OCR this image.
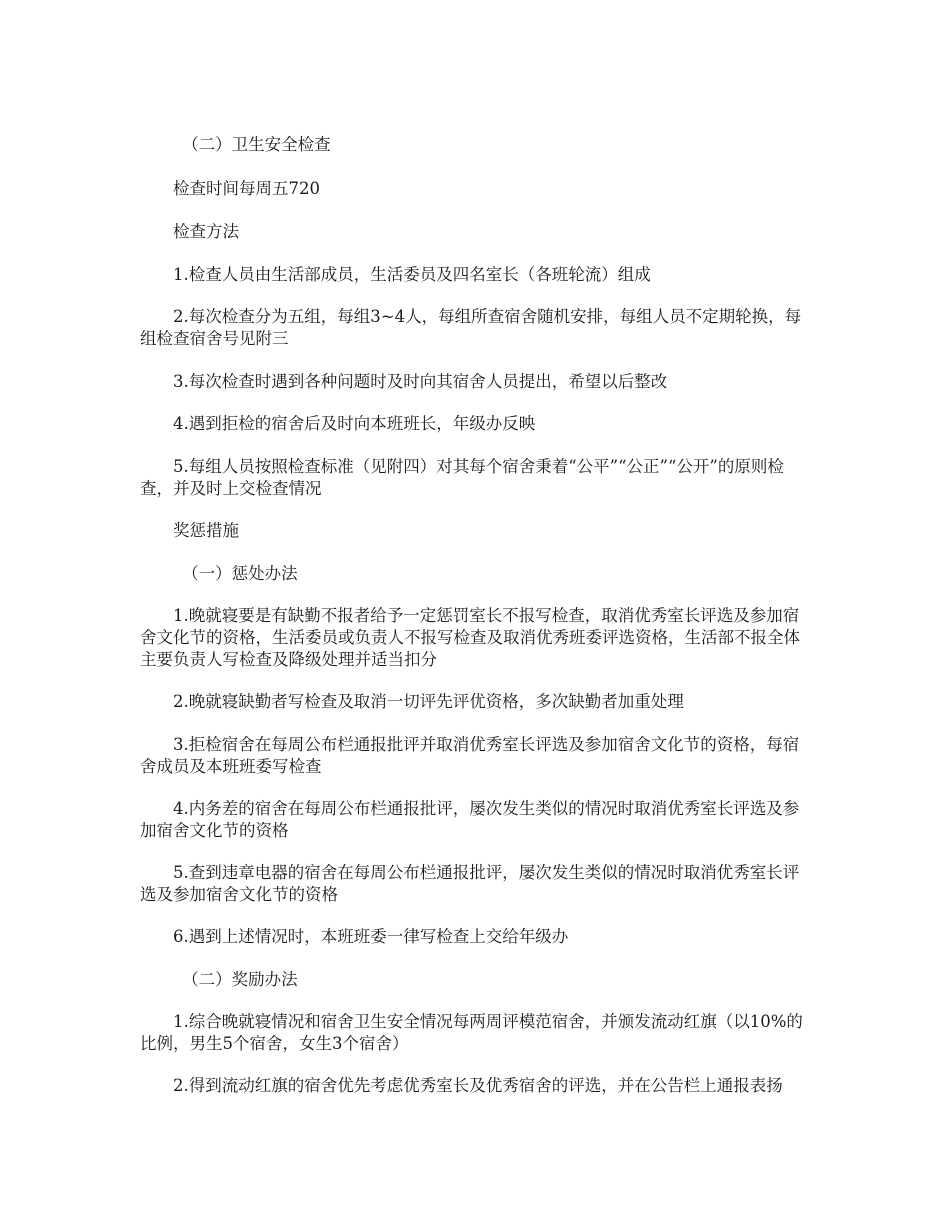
（二）卫生安全检查

检查时间每周五720

检查方法

1.检查人员由生活部成员，生活委员及四名室长（各班轮流）组成

2.每次检查分为五组，每组3~4人，每组所查宿舍随机安排，每组人员不定期轮换，每组检查宿舍号见附三

3.每次检查时遇到各种问题时及时向其宿舍人员提出，希望以后整改

4.遇到拒检的宿舍后及时向本班班长，年级办反映

5.每组人员按照检查标准（见附四）对其每个宿舍秉着“公平”“公正”“公开”的原则检查，并及时上交检查情况

奖惩措施

（一）惩处办法

1.晚就寝要是有缺勤不报者给予一定惩罚室长不报写检查，取消优秀室长评选及参加宿舍文化节的资格，生活委员或负责人不报写检查及取消优秀班委评选资格，生活部不报全体主要负责人写检查及降级处理并适当扣分

2.晚就寝缺勤者写检查及取消一切评先评优资格，多次缺勤者加重处理

3.拒检宿舍在每周公布栏通报批评并取消优秀室长评选及参加宿舍文化节的资格，每宿舍成员及本班班委写检查

4.内务差的宿舍在每周公布栏通报批评，屡次发生类似的情况时取消优秀室长评选及参加宿舍文化节的资格

5.查到违章电器的宿舍在每周公布栏通报批评，屡次发生类似的情况时取消优秀室长评选及参加宿舍文化节的资格

6.遇到上述情况时，本班班委一律写检查上交给年级办

（二）奖励办法

1.综合晚就寝情况和宿舍卫生安全情况每两周评模范宿舍，并颁发流动红旗（以10%的比例，男生5个宿舍，女生3个宿舍）

2.得到流动红旗的宿舍优先考虑优秀室长及优秀宿舍的评选，并在公告栏上通报表扬
